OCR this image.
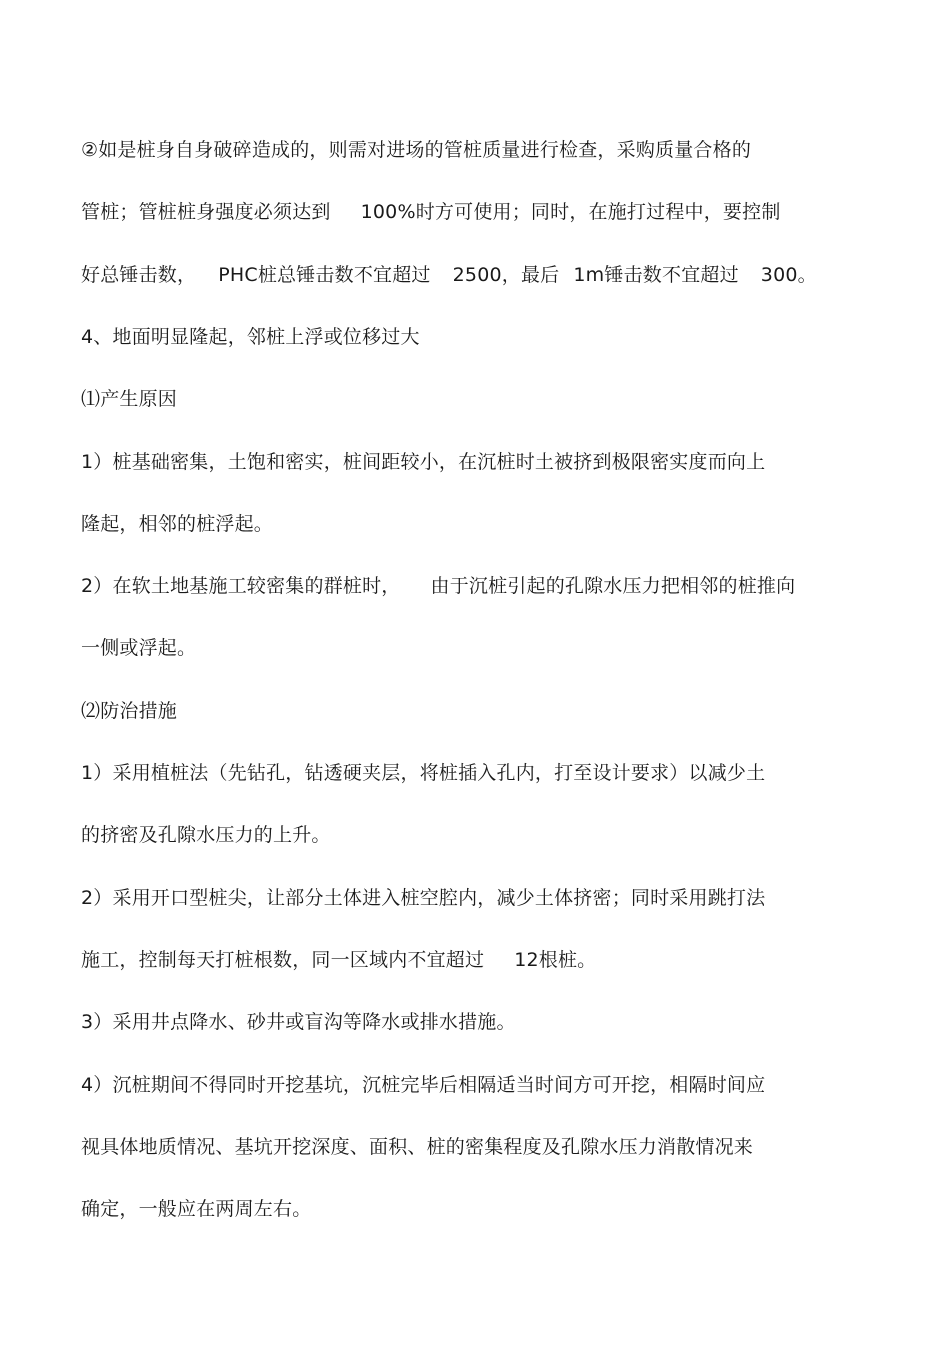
②如是桩身自身破碎造成的，则需对进场的管桩质量进行检查，采购质量合格的
管桩；管桩桩身强度必须达到 100%时方可使用；同时，在施打过程中，要控制
好总锤击数， PHC桩总锤击数不宜超过 2500，最后 1m锤击数不宜超过 300。
4、地面明显隆起，邻桩上浮或位移过大
⑴产生原因
1）桩基础密集，土饱和密实，桩间距较小，在沉桩时土被挤到极限密实度而向上
隆起，相邻的桩浮起。
2）在软土地基施工较密集的群桩时， 由于沉桩引起的孔隙水压力把相邻的桩推向
一侧或浮起。
⑵防治措施
1）采用植桩法（先钻孔，钻透硬夹层，将桩插入孔内，打至设计要求）以减少土
的挤密及孔隙水压力的上升。
2）采用开口型桩尖，让部分土体进入桩空腔内，减少土体挤密；同时采用跳打法
施工，控制每天打桩根数，同一区域内不宜超过 12根桩。
3）采用井点降水、砂井或盲沟等降水或排水措施。
4）沉桩期间不得同时开挖基坑，沉桩完毕后相隔适当时间方可开挖，相隔时间应
视具体地质情况、基坑开挖深度、面积、桩的密集程度及孔隙水压力消散情况来
确定，一般应在两周左右。
